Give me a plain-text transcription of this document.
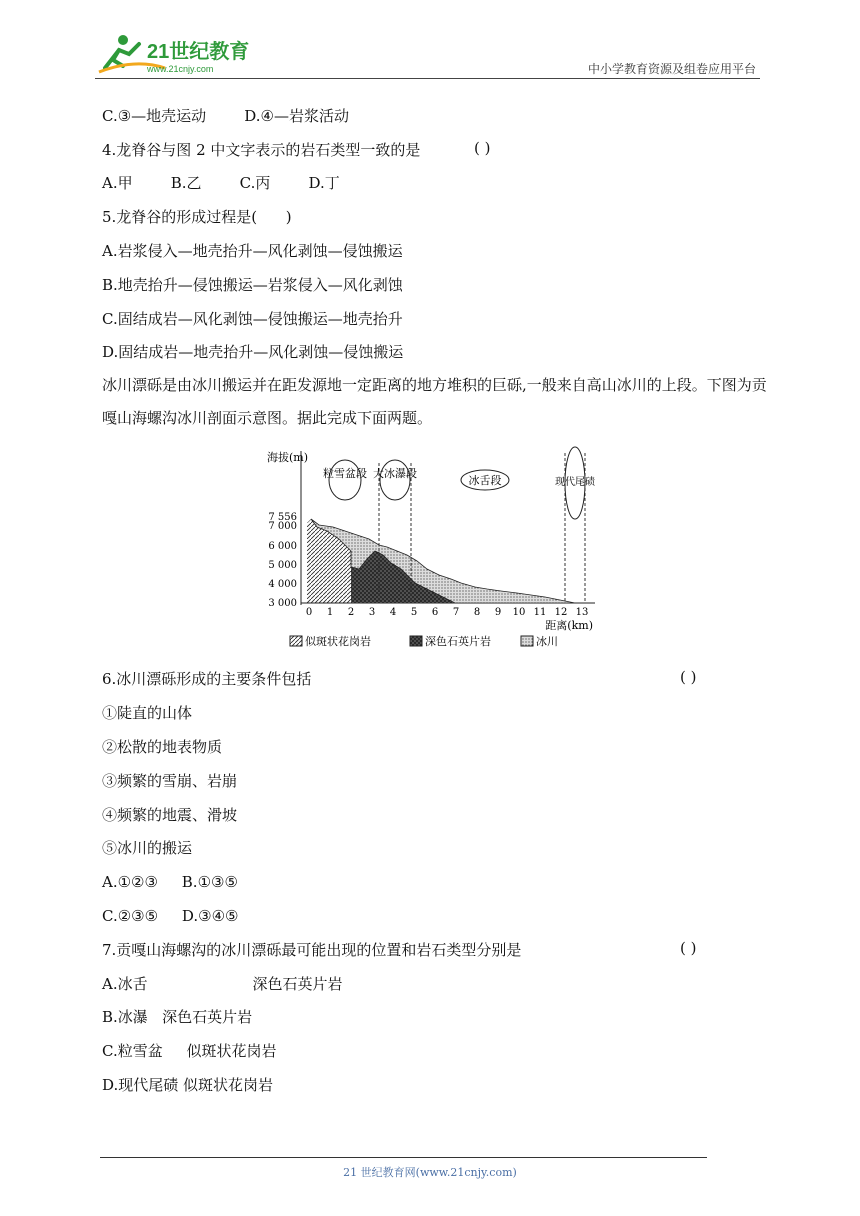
21世纪教育
www.21cnjy.com	中小学教育资源及组卷应用平台
C.③—地壳运动        D.④—岩浆活动
4.龙脊谷与图 2 中文字表示的岩石类型一致的是	( )
A.甲        B.乙        C.丙        D.丁
5.龙脊谷的形成过程是(      )
A.岩浆侵入—地壳抬升—风化剥蚀—侵蚀搬运
B.地壳抬升—侵蚀搬运—岩浆侵入—风化剥蚀
C.固结成岩—风化剥蚀—侵蚀搬运—地壳抬升
D.固结成岩—地壳抬升—风化剥蚀—侵蚀搬运
冰川漂砾是由冰川搬运并在距发源地一定距离的地方堆积的巨砾,一般来自高山冰川的上段。下图为贡嘎山海螺沟冰川剖面示意图。据此完成下面两题。
海拔(m)
7 556
7 000
6 000
5 000
4 000
3 000
粒雪盆段 大冰瀑段
冰舌段	现代尾碛
0 1 2 3 4 5 6 7 8 9 10 11 12 13
距离(km)
似斑状花岗岩	深色石英片岩	冰川
6.冰川漂砾形成的主要条件包括	( )
①陡直的山体
②松散的地表物质
③频繁的雪崩、岩崩
④频繁的地震、滑坡
⑤冰川的搬运
A.①②③     B.①③⑤
C.②③⑤     D.③④⑤
7.贡嘎山海螺沟的冰川漂砾最可能出现的位置和岩石类型分别是	( )
A.冰舌                      深色石英片岩
B.冰瀑   深色石英片岩
C.粒雪盆     似斑状花岗岩
D.现代尾碛 似斑状花岗岩
21 世纪教育网(www.21cnjy.com)
